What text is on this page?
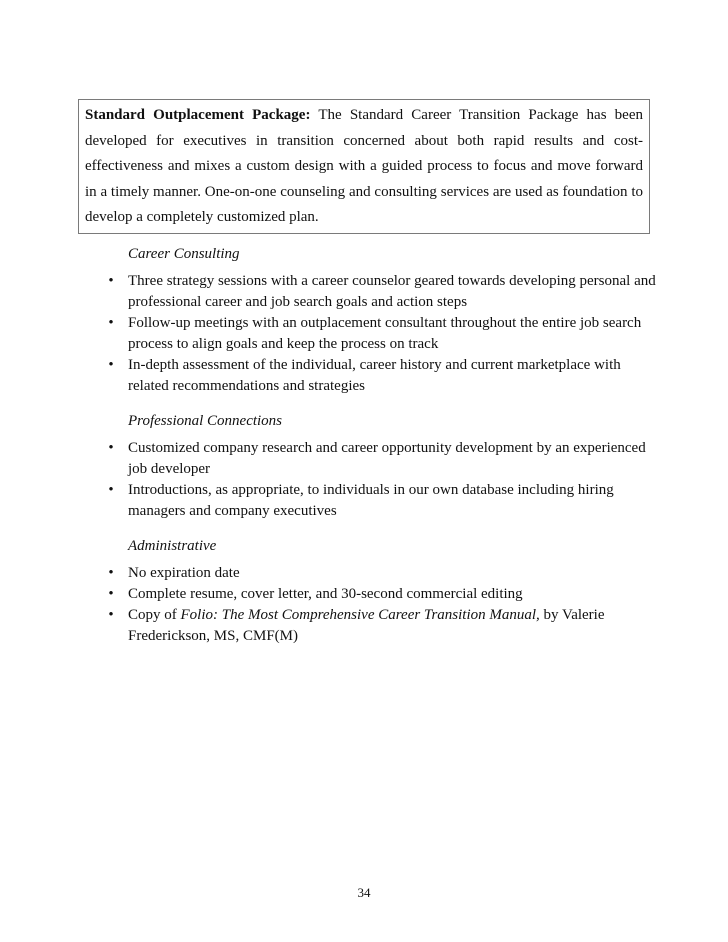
Standard Outplacement Package: The Standard Career Transition Package has been developed for executives in transition concerned about both rapid results and cost-effectiveness and mixes a custom design with a guided process to focus and move forward in a timely manner. One-on-one counseling and consulting services are used as foundation to develop a completely customized plan.
Career Consulting
• Three strategy sessions with a career counselor geared towards developing personal and professional career and job search goals and action steps
• Follow-up meetings with an outplacement consultant throughout the entire job search process to align goals and keep the process on track
• In-depth assessment of the individual, career history and current marketplace with related recommendations and strategies
Professional Connections
• Customized company research and career opportunity development by an experienced job developer
• Introductions, as appropriate, to individuals in our own database including hiring managers and company executives
Administrative
• No expiration date
• Complete resume, cover letter, and 30-second commercial editing
• Copy of Folio: The Most Comprehensive Career Transition Manual, by Valerie Frederickson, MS, CMF(M)
34
